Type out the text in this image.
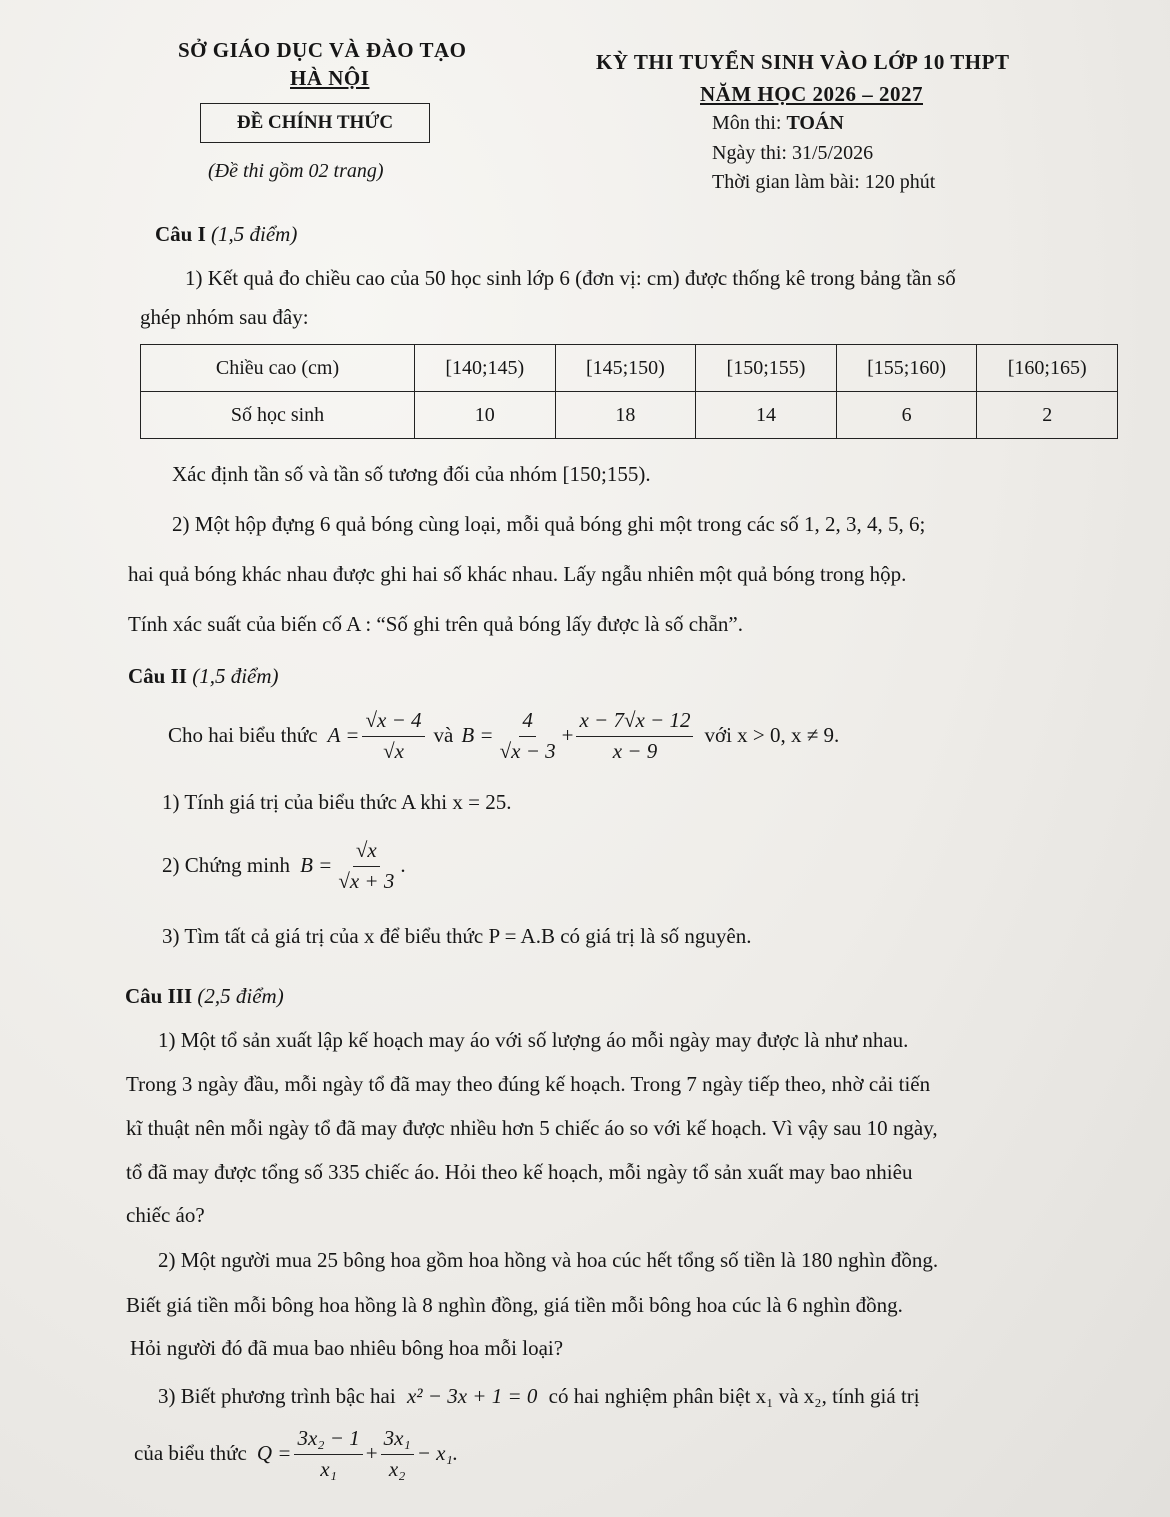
SỞ GIÁO DỤC VÀ ĐÀO TẠO
HÀ NỘI
ĐỀ CHÍNH THỨC
(Đề thi gồm 02 trang)
KỲ THI TUYỂN SINH VÀO LỚP 10 THPT
NĂM HỌC 2026 – 2027
Môn thi: TOÁN
Ngày thi: 31/5/2026
Thời gian làm bài: 120 phút
Câu I (1,5 điểm)
1) Kết quả đo chiều cao của 50 học sinh lớp 6 (đơn vị: cm) được thống kê trong bảng tần số
ghép nhóm sau đây:
Chiều cao (cm)	[140;145)	[145;150)	[150;155)	[155;160)	[160;165)
Số học sinh	10	18	14	6	2
Xác định tần số và tần số tương đối của nhóm [150;155).
2) Một hộp đựng 6 quả bóng cùng loại, mỗi quả bóng ghi một trong các số 1, 2, 3, 4, 5, 6;
hai quả bóng khác nhau được ghi hai số khác nhau. Lấy ngẫu nhiên một quả bóng trong hộp.
Tính xác suất của biến cố A : “Số ghi trên quả bóng lấy được là số chẵn”.
Câu II (1,5 điểm)
Cho hai biểu thức $A = \frac{√x - 4}{√x}$ và $B = \frac{4}{√x - 3} + \frac{x - 7√x - 12}{x - 9}$ với x > 0, x ≠ 9.
1) Tính giá trị của biểu thức A khi x = 25.
2) Chứng minh $B = \frac{√x}{√x + 3}$ .
3) Tìm tất cả giá trị của x để biểu thức P = A.B có giá trị là số nguyên.
Câu III (2,5 điểm)
1) Một tổ sản xuất lập kế hoạch may áo với số lượng áo mỗi ngày may được là như nhau.
Trong 3 ngày đầu, mỗi ngày tổ đã may theo đúng kế hoạch. Trong 7 ngày tiếp theo, nhờ cải tiến
kĩ thuật nên mỗi ngày tổ đã may được nhiều hơn 5 chiếc áo so với kế hoạch. Vì vậy sau 10 ngày,
tổ đã may được tổng số 335 chiếc áo. Hỏi theo kế hoạch, mỗi ngày tổ sản xuất may bao nhiêu
chiếc áo?
2) Một người mua 25 bông hoa gồm hoa hồng và hoa cúc hết tổng số tiền là 180 nghìn đồng.
Biết giá tiền mỗi bông hoa hồng là 8 nghìn đồng, giá tiền mỗi bông hoa cúc là 6 nghìn đồng.
Hỏi người đó đã mua bao nhiêu bông hoa mỗi loại?
3) Biết phương trình bậc hai x² − 3x + 1 = 0 có hai nghiệm phân biệt x₁ và x₂, tính giá trị
của biểu thức $Q = \frac{\text{3x₂ − 1}}{\text{x₁}} + \frac{\text{3x₁}}{\text{x₂}} - x_1$.
